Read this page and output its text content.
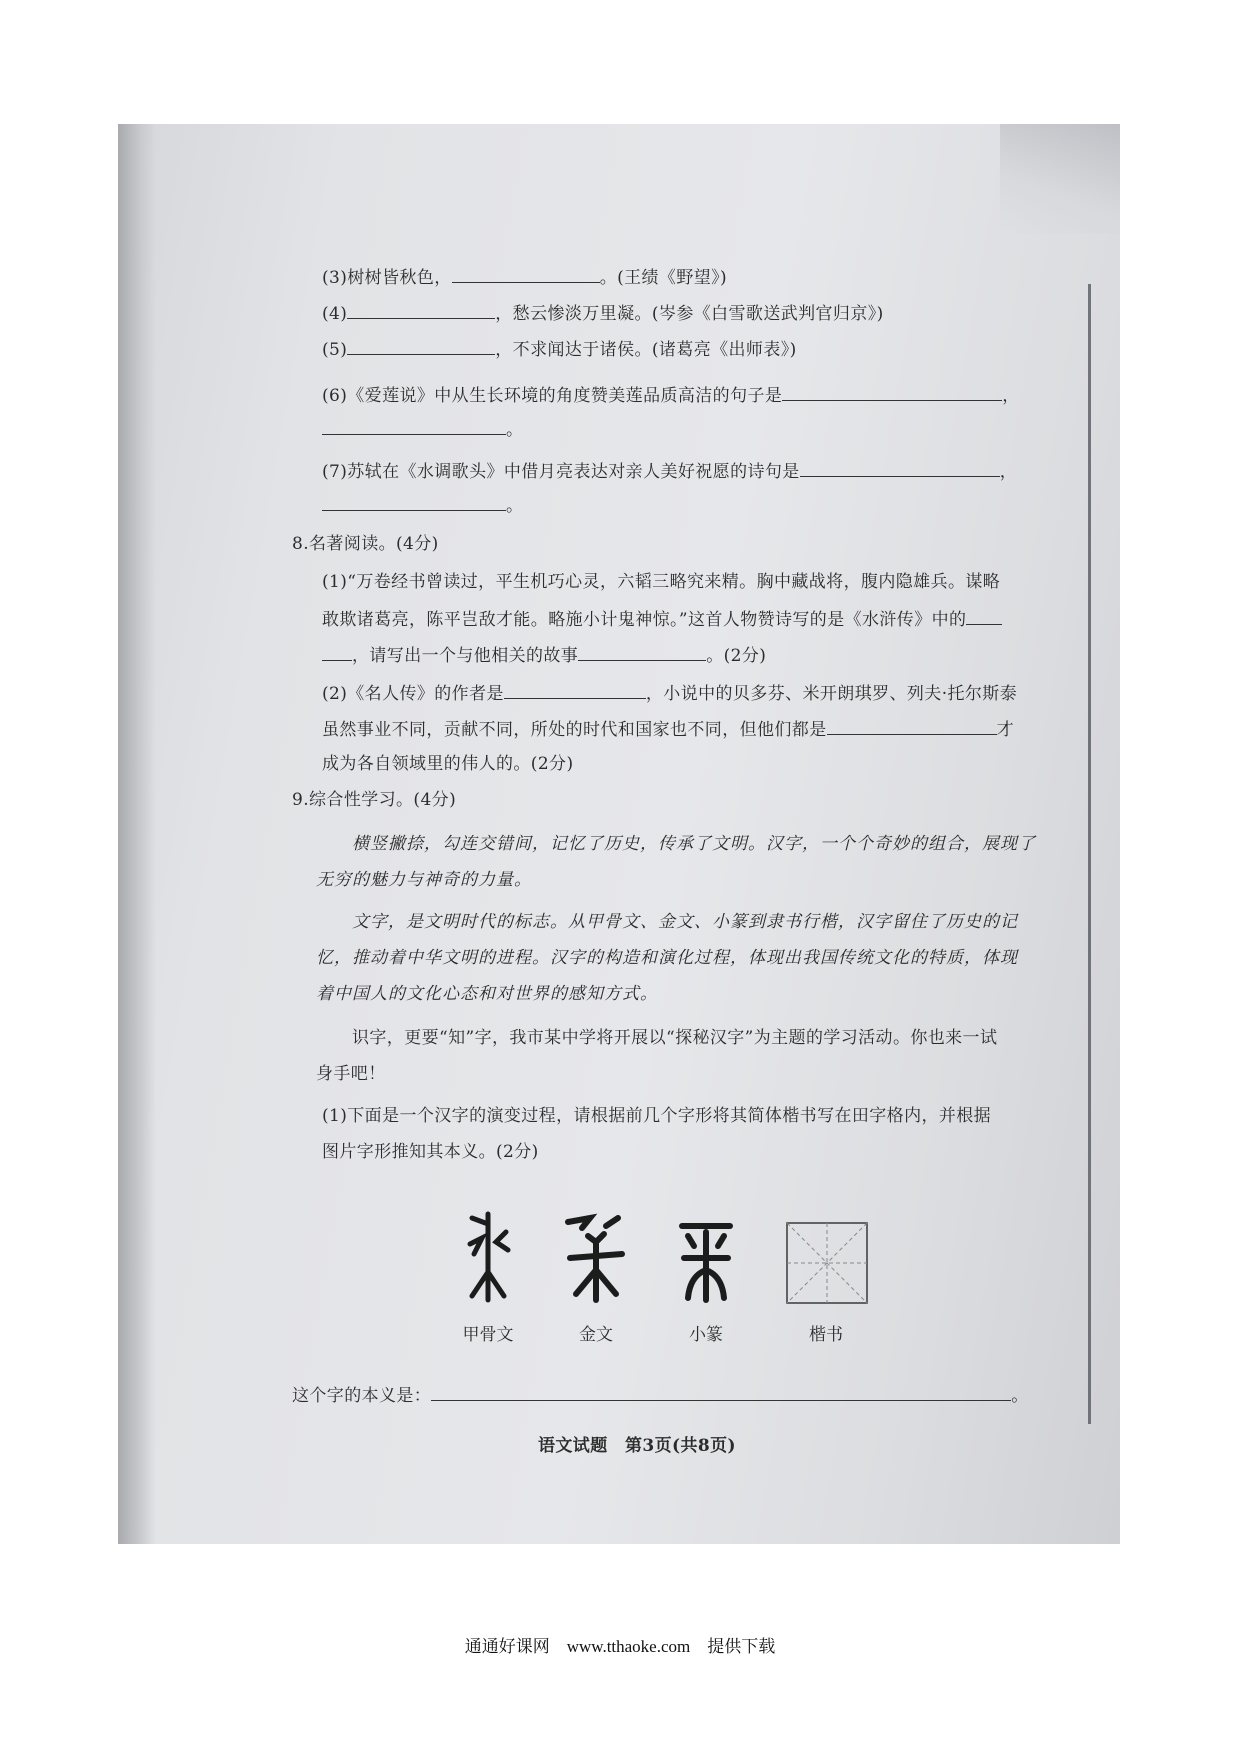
(3)树树皆秋色，	。(王绩《野望》)
(4)	，愁云惨淡万里凝。(岑参《白雪歌送武判官归京》)
(5)	，不求闻达于诸侯。(诸葛亮《出师表》)
(6)《爱莲说》中从生长环境的角度赞美莲品质高洁的句子是	，
。
(7)苏轼在《水调歌头》中借月亮表达对亲人美好祝愿的诗句是	，
。
8.名著阅读。(4分)
(1)“万卷经书曾读过，平生机巧心灵，六韬三略究来精。胸中藏战将，腹内隐雄兵。谋略
敢欺诸葛亮，陈平岂敌才能。略施小计鬼神惊。”这首人物赞诗写的是《水浒传》中的
，请写出一个与他相关的故事	。(2分)
(2)《名人传》的作者是	，小说中的贝多芬、米开朗琪罗、列夫·托尔斯泰
虽然事业不同，贡献不同，所处的时代和国家也不同，但他们都是	才
成为各自领域里的伟人的。(2分)
9.综合性学习。(4分)
横竖撇捺，勾连交错间，记忆了历史，传承了文明。汉字，一个个奇妙的组合，展现了
无穷的魅力与神奇的力量。
文字，是文明时代的标志。从甲骨文、金文、小篆到隶书行楷，汉字留住了历史的记
忆，推动着中华文明的进程。汉字的构造和演化过程，体现出我国传统文化的特质，体现
着中国人的文化心态和对世界的感知方式。
识字，更要“知”字，我市某中学将开展以“探秘汉字”为主题的学习活动。你也来一试
身手吧！
(1)下面是一个汉字的演变过程，请根据前几个字形将其简体楷书写在田字格内，并根据
图片字形推知其本义。(2分)
甲骨文	金文	小篆	楷书
这个字的本义是：	。
语文试题　第3页(共8页)
通通好课网　www.tthaoke.com　提供下载
